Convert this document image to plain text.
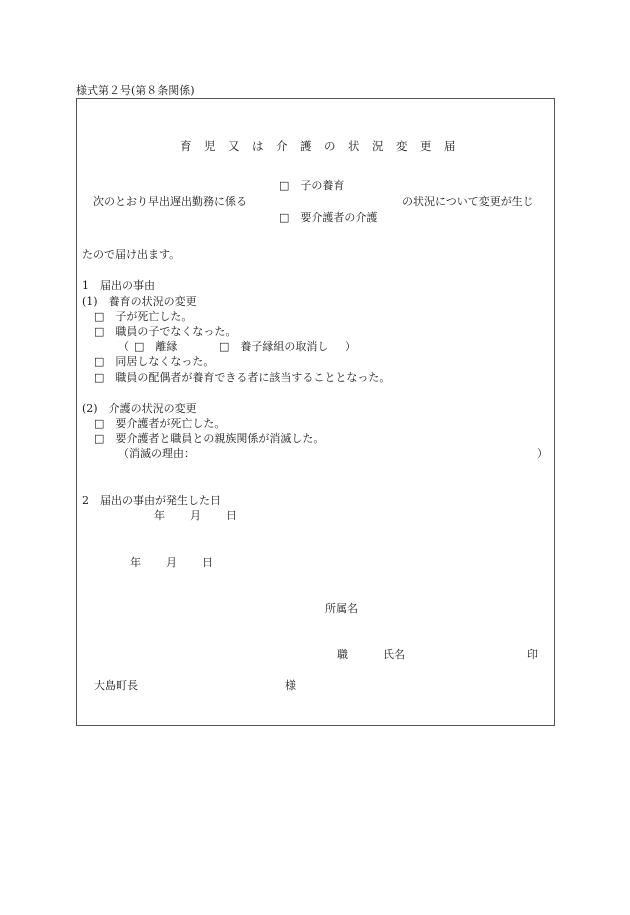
様式第２号(第８条関係)
育児又は介護の状況変更届
□　子の養育
次のとおり早出遅出勤務に係る	の状況について変更が生じ
□　要介護者の介護
たので届け出ます。
1　届出の事由
(1)　養育の状況の変更
□　子が死亡した。
□　職員の子でなくなった。
（ □　離縁	□　養子縁組の取消し ）
□　同居しなくなった。
□　職員の配偶者が養育できる者に該当することとなった。
(2)　介護の状況の変更
□　要介護者が死亡した。
□　要介護者と職員との親族関係が消滅した。
（消滅の理由：	）
2　届出の事由が発生した日
年 月 日
年 月 日
所属名
職	氏名	印
大島町長	様
